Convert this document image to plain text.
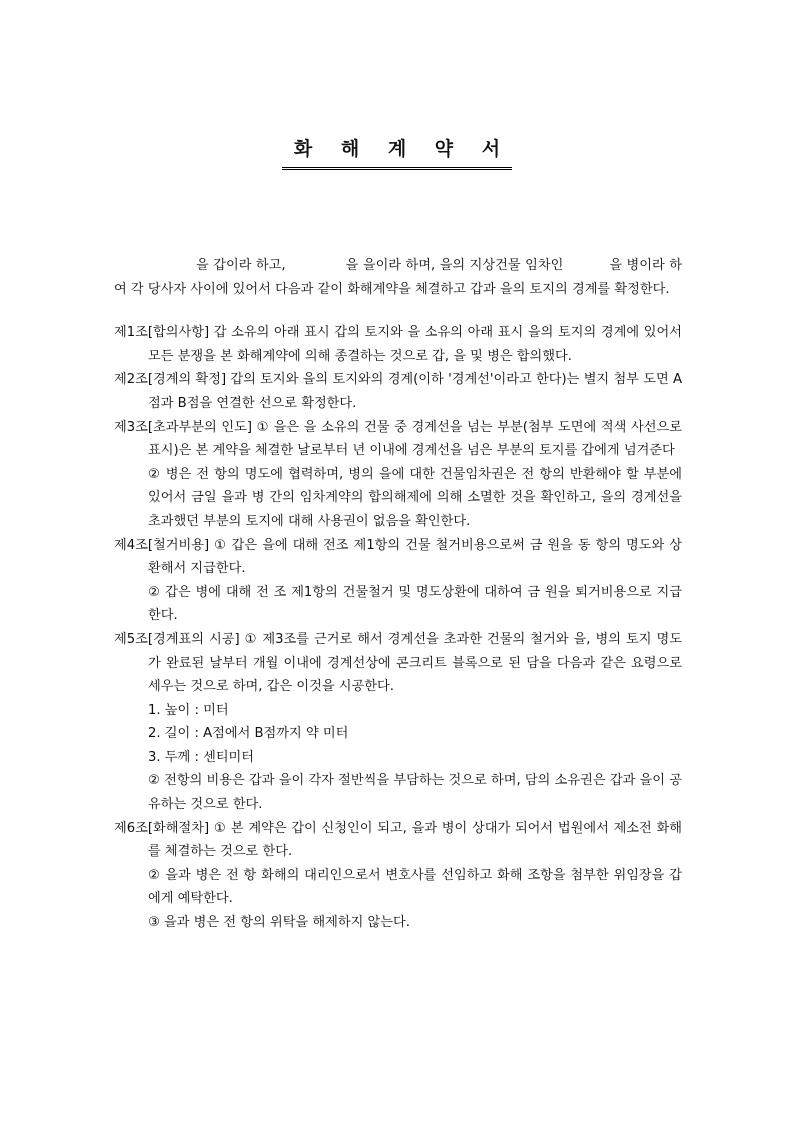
화 해 계 약 서

을 갑이라 하고,	을 을이라 하며, 을의 지상건물 임차인	을 병이라 하여 각 당사자 사이에 있어서 다음과 같이 화해계약을 체결하고 갑과 을의 토지의 경계를 확정한다.

제1조[합의사항] 갑 소유의 아래 표시 갑의 토지와 을 소유의 아래 표시 을의 토지의 경계에 있어서 모든 분쟁을 본 화해계약에 의해 종결하는 것으로 갑, 을 및 병은 합의했다.

제2조[경계의 확정] 갑의 토지와 을의 토지와의 경계(이하 '경계선'이라고 한다)는 별지 첨부 도면 A점과 B점을 연결한 선으로 확정한다.

제3조[초과부분의 인도] ① 을은 을 소유의 건물 중 경계선을 넘는 부분(첨부 도면에 적색 사선으로 표시)은 본 계약을 체결한 날로부터 년 이내에 경계선을 넘은 부분의 토지를 갑에게 넘겨준다

② 병은 전 항의 명도에 협력하며, 병의 을에 대한 건물임차권은 전 항의 반환해야 할 부분에 있어서 금일 을과 병 간의 임차계약의 합의해제에 의해 소멸한 것을 확인하고, 을의 경계선을 초과했던 부분의 토지에 대해 사용권이 없음을 확인한다.

제4조[철거비용] ① 갑은 을에 대해 전조 제1항의 건물 철거비용으로써 금 원을 동 항의 명도와 상환해서 지급한다.

② 갑은 병에 대해 전 조 제1항의 건물철거 및 명도상환에 대하여 금 원을 퇴거비용으로 지급한다.

제5조[경계표의 시공] ① 제3조를 근거로 해서 경계선을 초과한 건물의 철거와 을, 병의 토지 명도가 완료된 날부터 개월 이내에 경계선상에 콘크리트 블록으로 된 담을 다음과 같은 요령으로 세우는 것으로 하며, 갑은 이것을 시공한다.

1. 높이 : 미터

2. 길이 : A점에서 B점까지 약 미터

3. 두께 : 센티미터

② 전항의 비용은 갑과 을이 각자 절반씩을 부담하는 것으로 하며, 담의 소유권은 갑과 을이 공유하는 것으로 한다.

제6조[화해절차] ① 본 계약은 갑이 신청인이 되고, 을과 병이 상대가 되어서 법원에서 제소전 화해를 체결하는 것으로 한다.

② 을과 병은 전 항 화해의 대리인으로서 변호사를 선임하고 화해 조항을 첨부한 위임장을 갑에게 예탁한다.

③ 을과 병은 전 항의 위탁을 해제하지 않는다.
